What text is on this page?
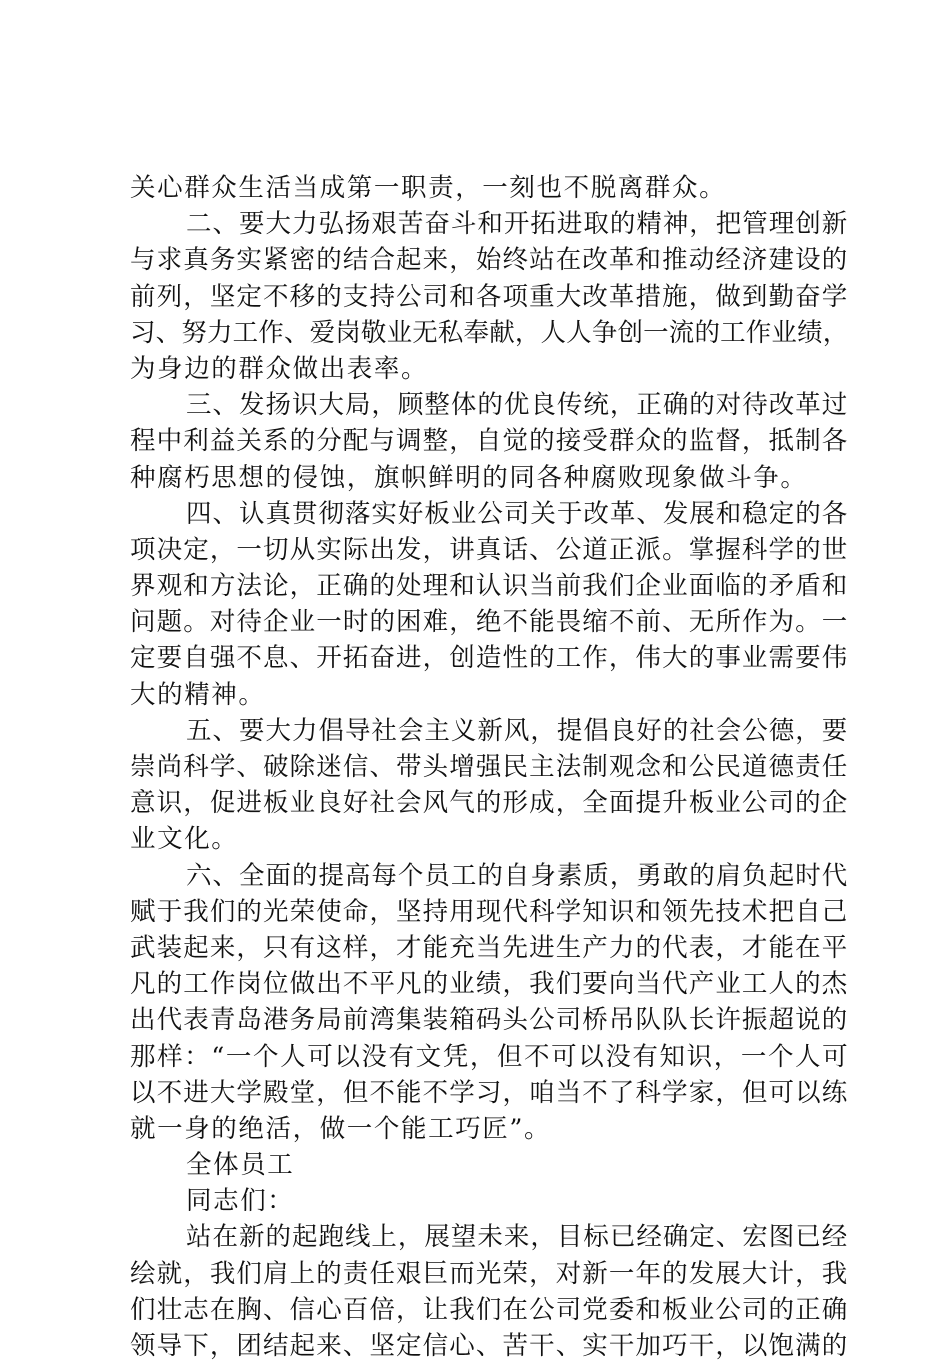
关心群众生活当成第一职责，一刻也不脱离群众。
二、要大力弘扬艰苦奋斗和开拓进取的精神，把管理创新
与求真务实紧密的结合起来，始终站在改革和推动经济建设的
前列，坚定不移的支持公司和各项重大改革措施，做到勤奋学
习、努力工作、爱岗敬业无私奉献，人人争创一流的工作业绩，
为身边的群众做出表率。
三、发扬识大局，顾整体的优良传统，正确的对待改革过
程中利益关系的分配与调整，自觉的接受群众的监督，抵制各
种腐朽思想的侵蚀，旗帜鲜明的同各种腐败现象做斗争。
四、认真贯彻落实好板业公司关于改革、发展和稳定的各
项决定，一切从实际出发，讲真话、公道正派。掌握科学的世
界观和方法论，正确的处理和认识当前我们企业面临的矛盾和
问题。对待企业一时的困难，绝不能畏缩不前、无所作为。一
定要自强不息、开拓奋进，创造性的工作，伟大的事业需要伟
大的精神。
五、要大力倡导社会主义新风，提倡良好的社会公德，要
崇尚科学、破除迷信、带头增强民主法制观念和公民道德责任
意识，促进板业良好社会风气的形成，全面提升板业公司的企
业文化。
六、全面的提高每个员工的自身素质，勇敢的肩负起时代
赋于我们的光荣使命，坚持用现代科学知识和领先技术把自己
武装起来，只有这样，才能充当先进生产力的代表，才能在平
凡的工作岗位做出不平凡的业绩，我们要向当代产业工人的杰
出代表青岛港务局前湾集装箱码头公司桥吊队队长许振超说的
那样：“一个人可以没有文凭，但不可以没有知识，一个人可
以不进大学殿堂，但不能不学习，咱当不了科学家，但可以练
就一身的绝活，做一个能工巧匠”。
全体员工
同志们：
站在新的起跑线上，展望未来，目标已经确定、宏图已经
绘就，我们肩上的责任艰巨而光荣，对新一年的发展大计，我
们壮志在胸、信心百倍，让我们在公司党委和板业公司的正确
领导下，团结起来、坚定信心、苦干、实干加巧干，以饱满的
